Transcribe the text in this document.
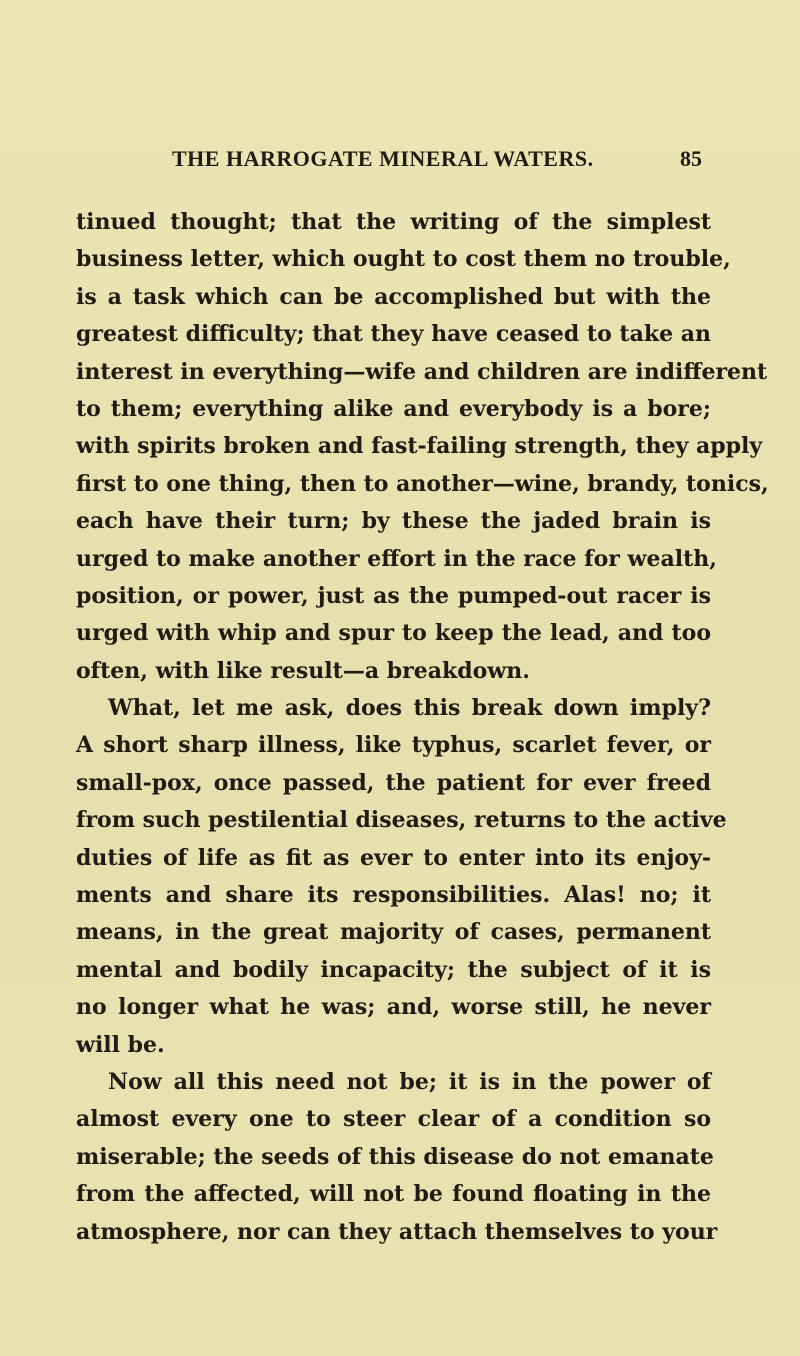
THE HARROGATE MINERAL WATERS.	85
tinued thought; that the writing of the simplest
business letter, which ought to cost them no trouble,
is a task which can be accomplished but with the
greatest difficulty; that they have ceased to take an
interest in everything—wife and children are indifferent
to them; everything alike and everybody is a bore;
with spirits broken and fast-failing strength, they apply
first to one thing, then to another—wine, brandy, tonics,
each have their turn; by these the jaded brain is
urged to make another effort in the race for wealth,
position, or power, just as the pumped-out racer is
urged with whip and spur to keep the lead, and too
often, with like result—a breakdown.
What, let me ask, does this break down imply?
A short sharp illness, like typhus, scarlet fever, or
small-pox, once passed, the patient for ever freed
from such pestilential diseases, returns to the active
duties of life as fit as ever to enter into its enjoy-
ments and share its responsibilities. Alas! no; it
means, in the great majority of cases, permanent
mental and bodily incapacity; the subject of it is
no longer what he was; and, worse still, he never
will be.
Now all this need not be; it is in the power of
almost every one to steer clear of a condition so
miserable; the seeds of this disease do not emanate
from the affected, will not be found floating in the
atmosphere, nor can they attach themselves to your
